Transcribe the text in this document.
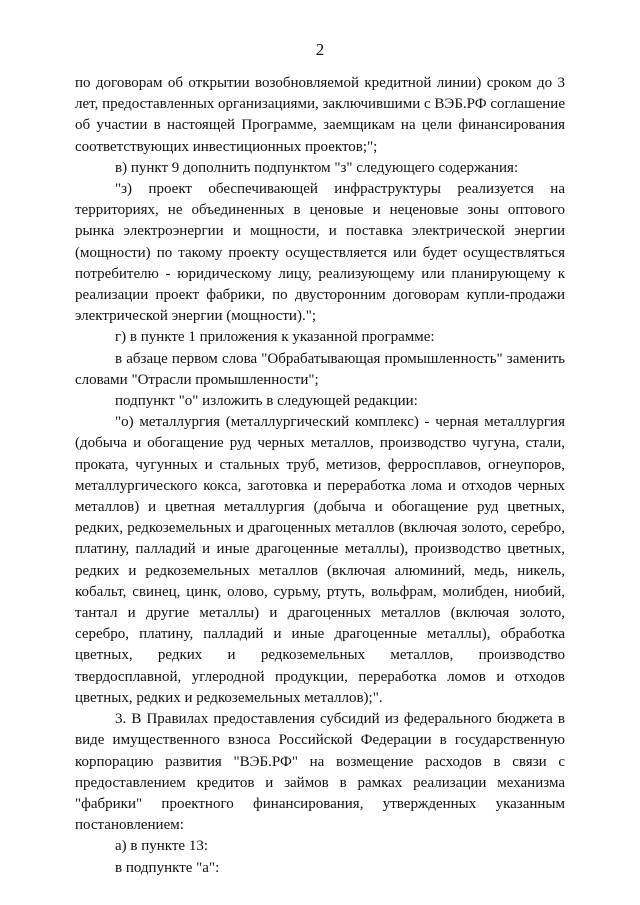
2

по договорам об открытии возобновляемой кредитной линии) сроком до 3 лет, предоставленных организациями, заключившими с ВЭБ.РФ соглашение об участии в настоящей Программе, заемщикам на цели финансирования соответствующих инвестиционных проектов;";

в) пункт 9 дополнить подпунктом "з" следующего содержания:

"з) проект обеспечивающей инфраструктуры реализуется на территориях, не объединенных в ценовые и неценовые зоны оптового рынка электроэнергии и мощности, и поставка электрической энергии (мощности) по такому проекту осуществляется или будет осуществляться потребителю - юридическому лицу, реализующему или планирующему к реализации проект фабрики, по двусторонним договорам купли-продажи электрической энергии (мощности).";

г) в пункте 1 приложения к указанной программе:

в абзаце первом слова "Обрабатывающая промышленность" заменить словами "Отрасли промышленности";

подпункт "о" изложить в следующей редакции:

"о) металлургия (металлургический комплекс) - черная металлургия (добыча и обогащение руд черных металлов, производство чугуна, стали, проката, чугунных и стальных труб, метизов, ферросплавов, огнеупоров, металлургического кокса, заготовка и переработка лома и отходов черных металлов) и цветная металлургия (добыча и обогащение руд цветных, редких, редкоземельных и драгоценных металлов (включая золото, серебро, платину, палладий и иные драгоценные металлы), производство цветных, редких и редкоземельных металлов (включая алюминий, медь, никель, кобальт, свинец, цинк, олово, сурьму, ртуть, вольфрам, молибден, ниобий, тантал и другие металлы) и драгоценных металлов (включая золото, серебро, платину, палладий и иные драгоценные металлы), обработка цветных, редких и редкоземельных металлов, производство твердосплавной, углеродной продукции, переработка ломов и отходов цветных, редких и редкоземельных металлов);".

3. В Правилах предоставления субсидий из федерального бюджета в виде имущественного взноса Российской Федерации в государственную корпорацию развития "ВЭБ.РФ" на возмещение расходов в связи с предоставлением кредитов и займов в рамках реализации механизма "фабрики" проектного финансирования, утвержденных указанным постановлением:

а) в пункте 13:

в подпункте "а":
